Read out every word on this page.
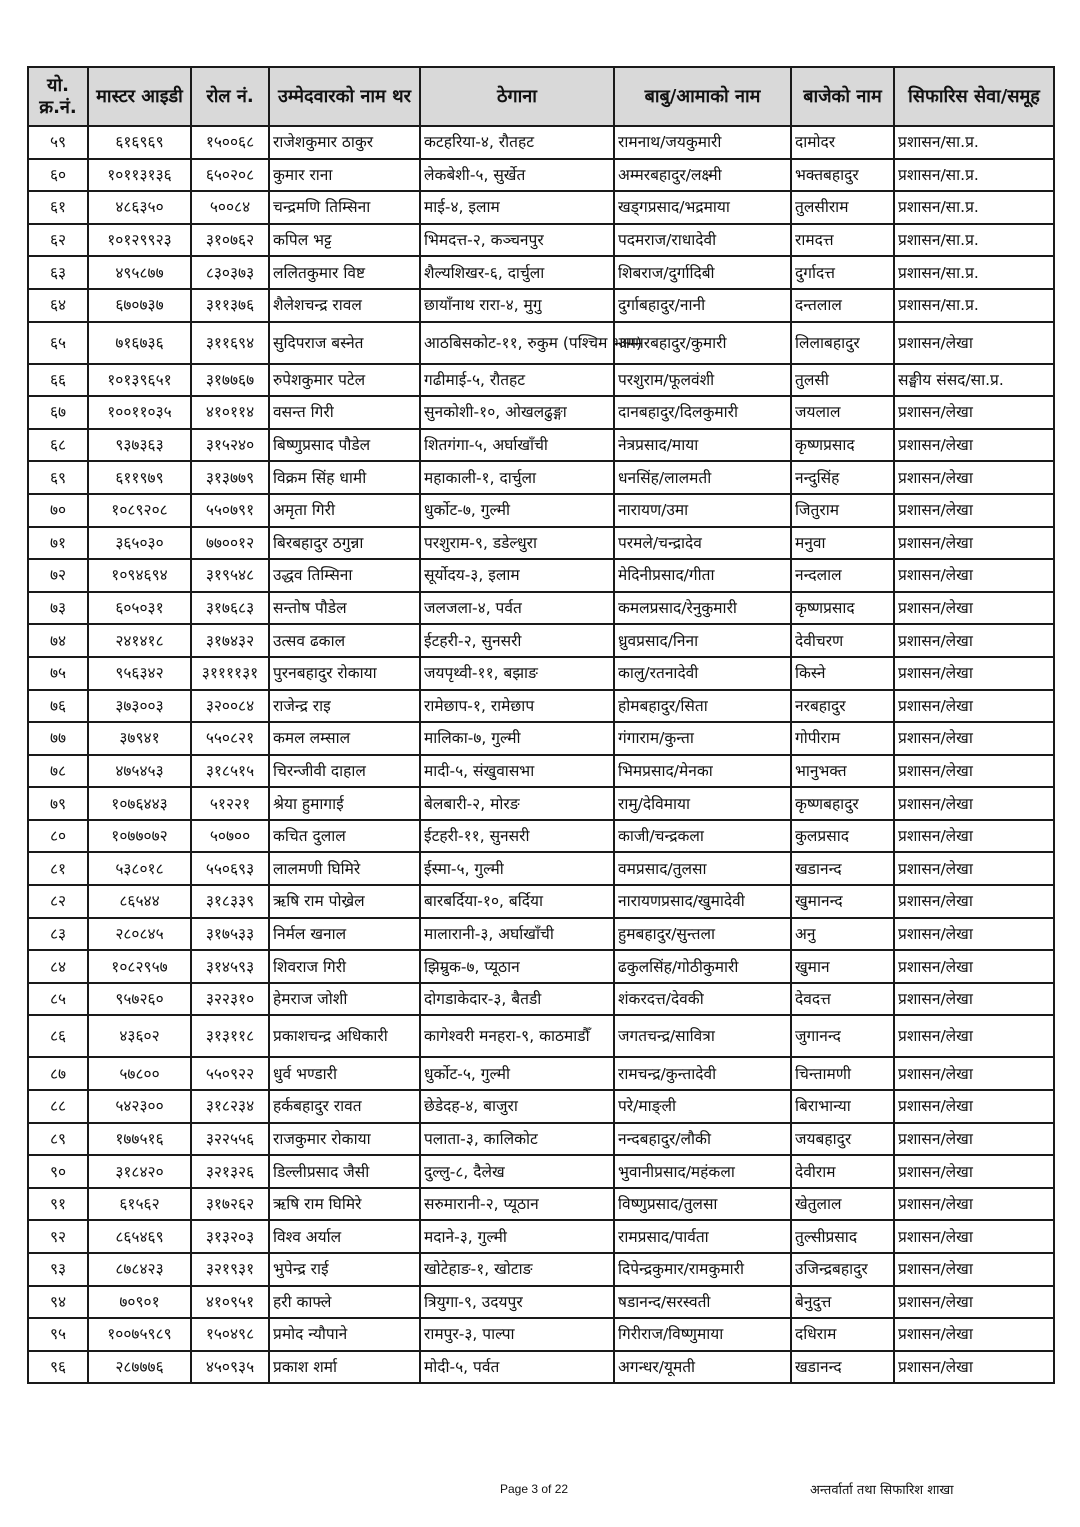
यो. क्र.नं.	मास्टर आइडी	रोल नं.	उम्मेदवारको नाम थर	ठेगाना	बाबु/आमाको नाम	बाजेको नाम	सिफारिस सेवा/समूह
५९	६१६९६९	१५००६८	राजेशकुमार ठाकुर	कटहरिया-४, रौतहट	रामनाथ/जयकुमारी	दामोदर	प्रशासन/सा.प्र.
६०	१०११३१३६	६५०२०८	कुमार राना	लेकबेशी-५, सुर्खेत	अम्मरबहादुर/लक्ष्मी	भक्तबहादुर	प्रशासन/सा.प्र.
६१	४८६३५०	५००८४	चन्द्रमणि तिम्सिना	माई-४, इलाम	खड्गप्रसाद/भद्रमाया	तुलसीराम	प्रशासन/सा.प्र.
६२	१०१२९९२३	३१०७६२	कपिल भट्ट	भिमदत्त-२, कञ्चनपुर	पदमराज/राधादेवी	रामदत्त	प्रशासन/सा.प्र.
६३	४९५८७७	८३०३७३	ललितकुमार विष्ट	शैल्यशिखर-६, दार्चुला	शिबराज/दुर्गादिबी	दुर्गादत्त	प्रशासन/सा.प्र.
६४	६७०७३७	३११३७६	शैलेशचन्द्र रावल	छायाँनाथ रारा-४, मुगु	दुर्गाबहादुर/नानी	दन्तलाल	प्रशासन/सा.प्र.
६५	७१६७३६	३११६९४	सुदिपराज बस्नेत	आठबिसकोट-११, रुकुम (पश्चिम भाग)	अम्मरबहादुर/कुमारी	लिलाबहादुर	प्रशासन/लेखा
६६	१०१३९६५१	३१७७६७	रुपेशकुमार पटेल	गढीमाई-५, रौतहट	परशुराम/फूलवंशी	तुलसी	सङ्घीय संसद/सा.प्र.
६७	१००११०३५	४१०११४	वसन्त गिरी	सुनकोशी-१०, ओखलढुङ्गा	दानबहादुर/दिलकुमारी	जयलाल	प्रशासन/लेखा
६८	९३७३६३	३१५२४०	बिष्णुप्रसाद पौडेल	शितगंगा-५, अर्घाखाँची	नेत्रप्रसाद/माया	कृष्णप्रसाद	प्रशासन/लेखा
६९	६११९७९	३१३७७९	विक्रम सिंह धामी	महाकाली-१, दार्चुला	धनसिंह/लालमती	नन्दुसिंह	प्रशासन/लेखा
७०	१०८९२०८	५५०७९१	अमृता गिरी	धुर्कोट-७, गुल्मी	नारायण/उमा	जितुराम	प्रशासन/लेखा
७१	३६५०३०	७७००१२	बिरबहादुर ठगुन्ना	परशुराम-९, डडेल्धुरा	परमले/चन्द्रादेव	मनुवा	प्रशासन/लेखा
७२	१०९४६९४	३१९५४८	उद्धव तिम्सिना	सूर्योदय-३, इलाम	मेदिनीप्रसाद/गीता	नन्दलाल	प्रशासन/लेखा
७३	६०५०३१	३१७६८३	सन्तोष पौडेल	जलजला-४, पर्वत	कमलप्रसाद/रेनुकुमारी	कृष्णप्रसाद	प्रशासन/लेखा
७४	२४१४१८	३१७४३२	उत्सव ढकाल	ईटहरी-२, सुनसरी	ध्रुवप्रसाद/निना	देवीचरण	प्रशासन/लेखा
७५	९५६३४२	३११११३१	पुरनबहादुर रोकाया	जयपृथ्वी-११, बझाङ	कालु/रतनादेवी	किस्ने	प्रशासन/लेखा
७६	३७३००३	३२००८४	राजेन्द्र राइ	रामेछाप-१, रामेछाप	होमबहादुर/सिता	नरबहादुर	प्रशासन/लेखा
७७	३७९४१	५५०८२१	कमल लम्साल	मालिका-७, गुल्मी	गंगाराम/कुन्ता	गोपीराम	प्रशासन/लेखा
७८	४७५४५३	३१८५१५	चिरन्जीवी दाहाल	मादी-५, संखुवासभा	भिमप्रसाद/मेनका	भानुभक्त	प्रशासन/लेखा
७९	१०७६४४३	५१२२१	श्रेया हुमागाई	बेलबारी-२, मोरङ	रामु/देविमाया	कृष्णबहादुर	प्रशासन/लेखा
८०	१०७७०७२	५०७००	कचित दुलाल	ईटहरी-११, सुनसरी	काजी/चन्द्रकला	कुलप्रसाद	प्रशासन/लेखा
८१	५३८०१८	५५०६९३	लालमणी घिमिरे	ईस्मा-५, गुल्मी	वमप्रसाद/तुलसा	खडानन्द	प्रशासन/लेखा
८२	८६५४४	३१८३३९	ऋषि राम पोख्रेल	बारबर्दिया-१०, बर्दिया	नारायणप्रसाद/खुमादेवी	खुमानन्द	प्रशासन/लेखा
८३	२८०८४५	३१७५३३	निर्मल खनाल	मालारानी-३, अर्घाखाँची	हुमबहादुर/सुन्तला	अनु	प्रशासन/लेखा
८४	१०८२९५७	३१४५९३	शिवराज गिरी	झिम्रुक-७, प्यूठान	ढकुलसिंह/गोठीकुमारी	खुमान	प्रशासन/लेखा
८५	९५७२६०	३२२३१०	हेमराज जोशी	दोगडाकेदार-३, बैतडी	शंकरदत्त/देवकी	देवदत्त	प्रशासन/लेखा
८६	४३६०२	३१३११८	प्रकाशचन्द्र अधिकारी	कागेश्वरी मनहरा-९, काठमाडौँ	जगतचन्द्र/सावित्रा	जुगानन्द	प्रशासन/लेखा
८७	५७८००	५५०९२२	धुर्व भण्डारी	धुर्कोट-५, गुल्मी	रामचन्द्र/कुन्तादेवी	चिन्तामणी	प्रशासन/लेखा
८८	५४२३००	३१८२३४	हर्कबहादुर रावत	छेडेदह-४, बाजुरा	परे/माङ्ली	बिराभान्या	प्रशासन/लेखा
८९	१७७५१६	३२२५५६	राजकुमार रोकाया	पलाता-३, कालिकोट	नन्दबहादुर/लौकी	जयबहादुर	प्रशासन/लेखा
९०	३१८४२०	३२१३२६	डिल्लीप्रसाद जैसी	दुल्लु-८, दैलेख	भुवानीप्रसाद/महंकला	देवीराम	प्रशासन/लेखा
९१	६१५६२	३१७२६२	ऋषि राम घिमिरे	सरुमारानी-२, प्यूठान	विष्णुप्रसाद/तुलसा	खेतुलाल	प्रशासन/लेखा
९२	८६५४६९	३१३२०३	विश्व अर्याल	मदाने-३, गुल्मी	रामप्रसाद/पार्वता	तुल्सीप्रसाद	प्रशासन/लेखा
९३	८७८४२३	३२१९३१	भुपेन्द्र राई	खोटेहाङ-१, खोटाङ	दिपेन्द्रकुमार/रामकुमारी	उजिन्द्रबहादुर	प्रशासन/लेखा
९४	७०९०१	४१०९५१	हरी काफ्ले	त्रियुगा-९, उदयपुर	षडानन्द/सरस्वती	बेनुदुत्त	प्रशासन/लेखा
९५	१००७५९८९	१५०४९८	प्रमोद न्यौपाने	रामपुर-३, पाल्पा	गिरीराज/विष्णुमाया	दधिराम	प्रशासन/लेखा
९६	२८७७७६	४५०९३५	प्रकाश शर्मा	मोदी-५, पर्वत	अगन्धर/यूमती	खडानन्द	प्रशासन/लेखा
Page 3 of 22	अन्तर्वार्ता तथा सिफारिश शाखा
